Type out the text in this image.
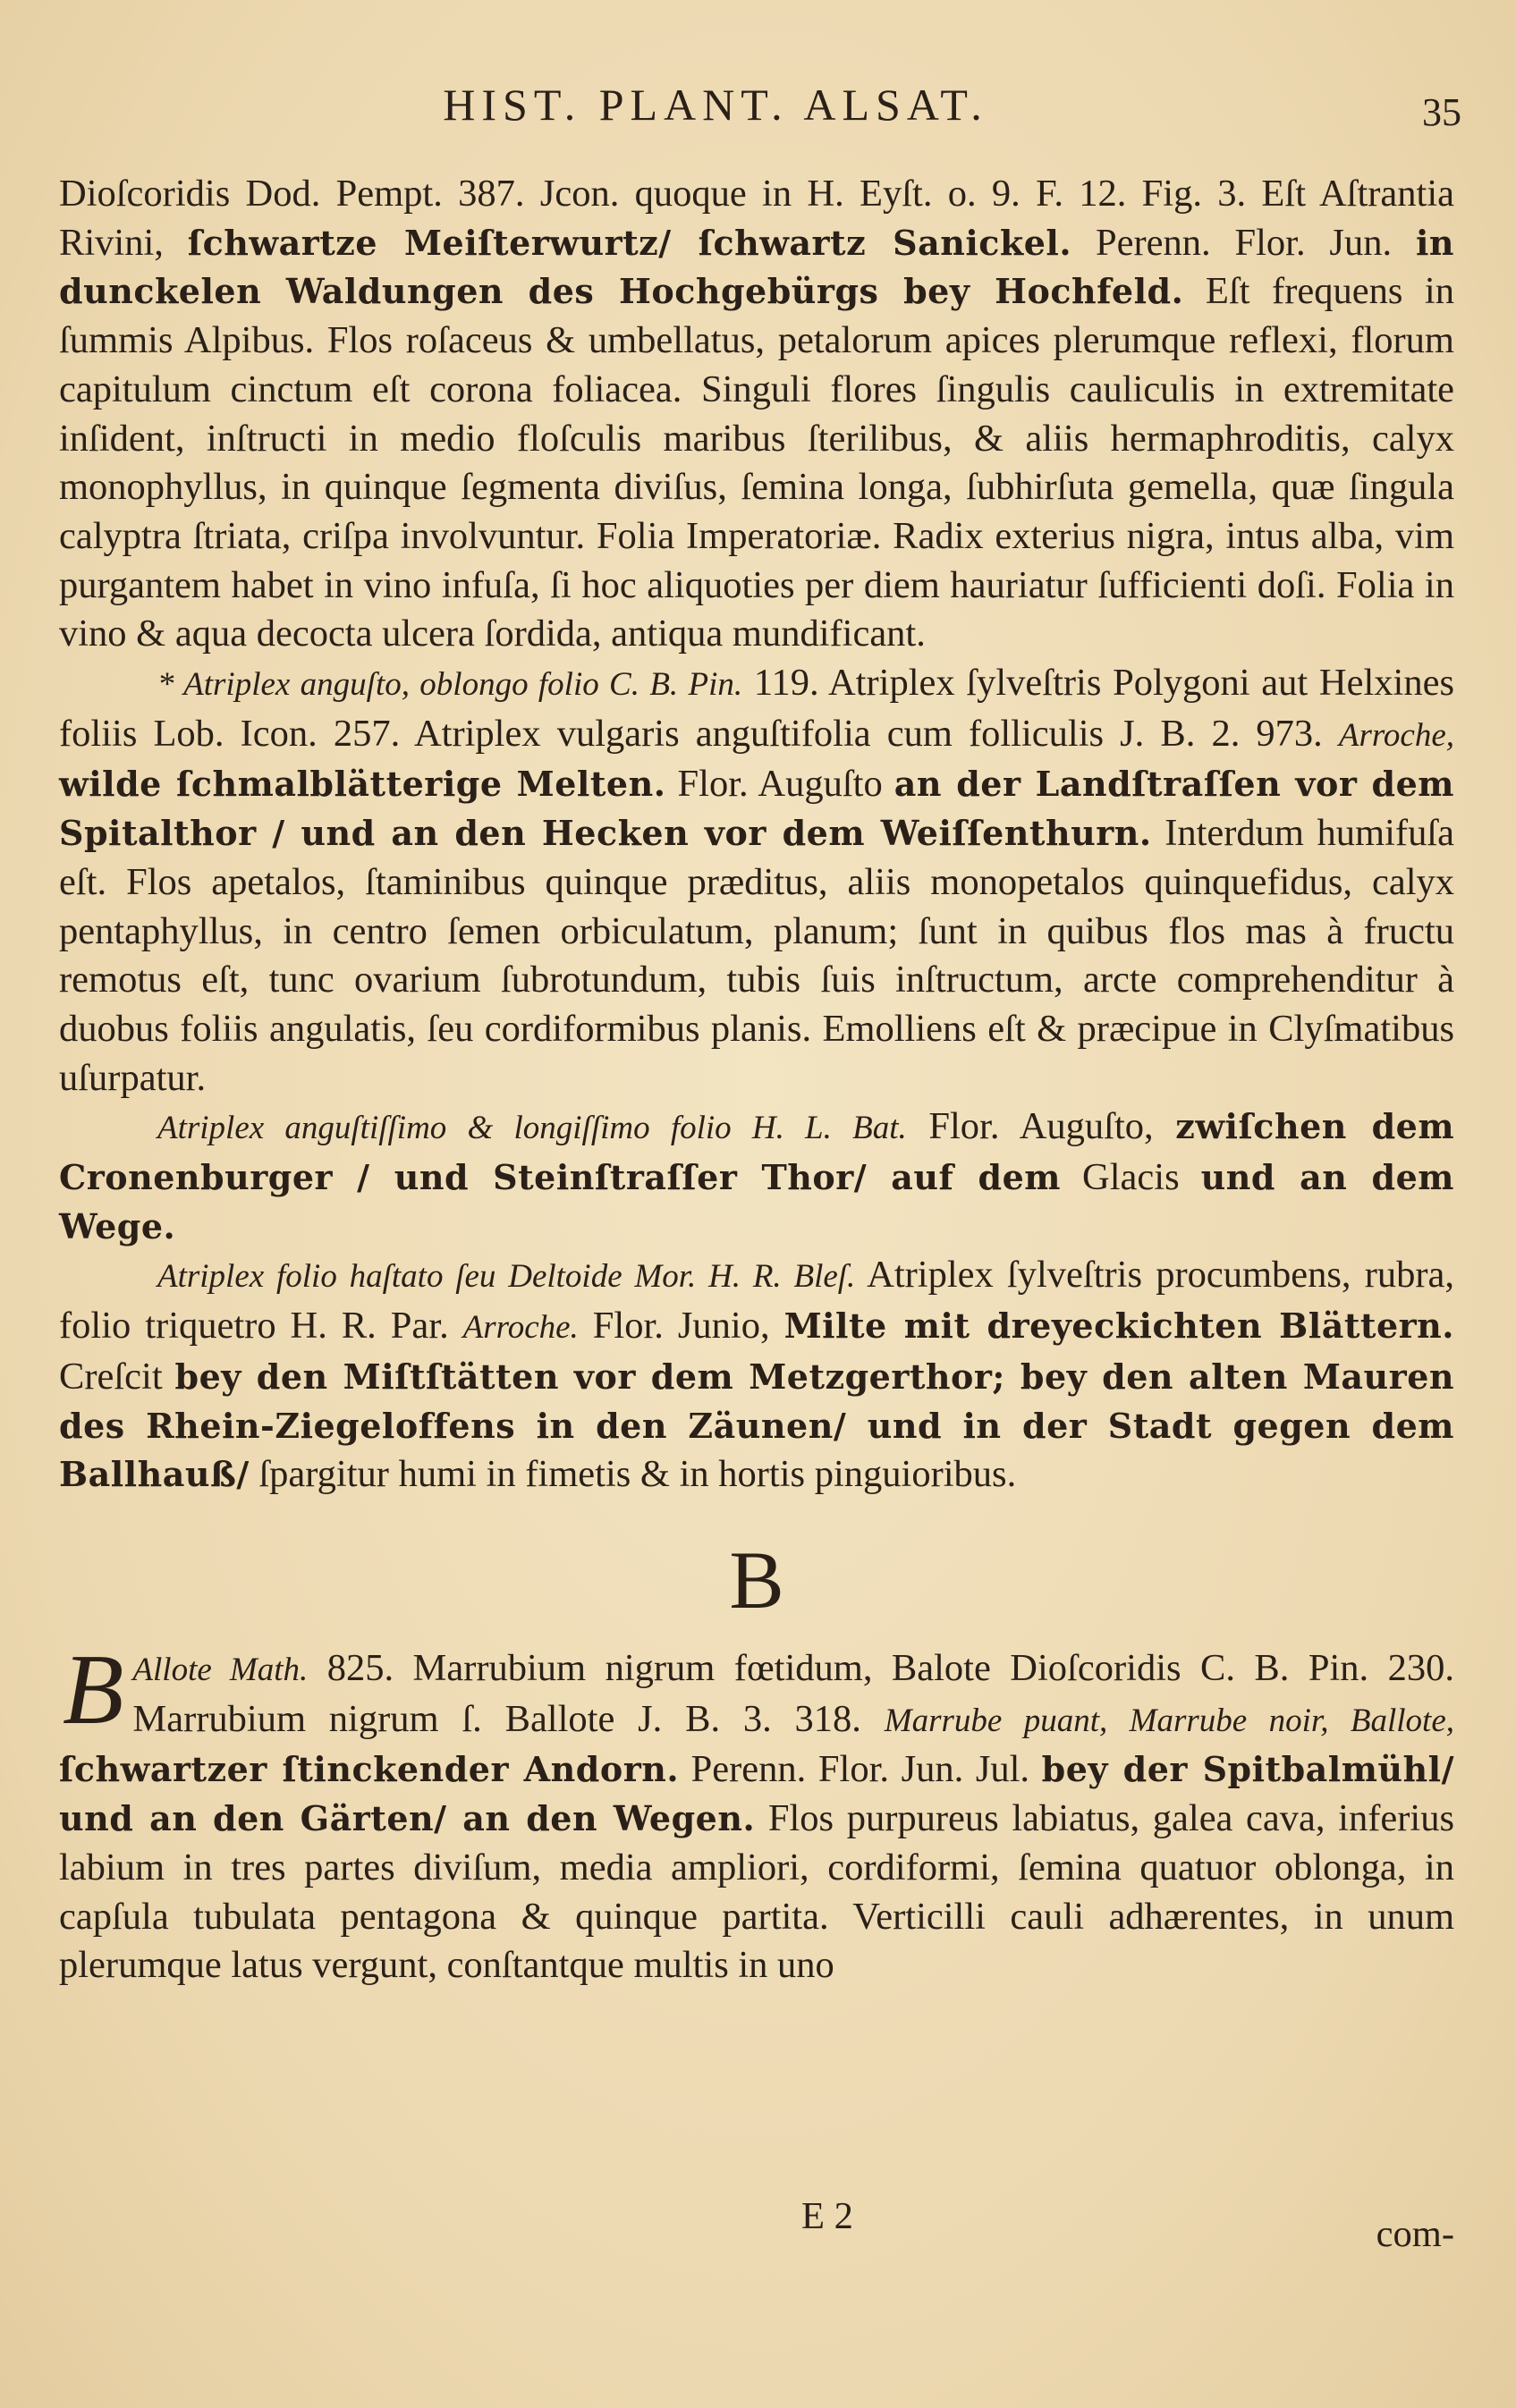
HIST. PLANT. ALSAT.	35

Dioſcoridis Dod. Pempt. 387. Jcon. quoque in H. Eyſt. o. 9. F. 12. Fig. 3. Eſt Aſtrantia Rivini, ſchwartze Meiſterwurtz/ ſchwartz Sanickel. Perenn. Flor. Jun. in dunckelen Waldungen des Hochgebürgs bey Hochfeld. Eſt frequens in ſummis Alpibus. Flos roſaceus & umbellatus, petalorum apices plerumque reflexi, florum capitulum cinctum eſt corona foliacea. Singuli flores ſingulis cauliculis in extremitate inſident, inſtructi in medio floſculis maribus ſterilibus, & aliis hermaphroditis, calyx monophyllus, in quinque ſegmenta diviſus, ſemina longa, ſubhirſuta gemella, quæ ſingula calyptra ſtriata, criſpa involvuntur. Folia Imperatoriæ. Radix exterius nigra, intus alba, vim purgantem habet in vino infuſa, ſi hoc aliquoties per diem hauriatur ſufficienti doſi. Folia in vino & aqua decocta ulcera ſordida, antiqua mundificant.

* Atriplex anguſto, oblongo folio C. B. Pin. 119. Atriplex ſylveſtris Polygoni aut Helxines foliis Lob. Icon. 257. Atriplex vulgaris anguſtifolia cum folliculis J. B. 2. 973. Arroche, wilde ſchmalblätterige Melten. Flor. Auguſto an der Landſtraſſen vor dem Spitalthor / und an den Hecken vor dem Weiſſenthurn. Interdum humifuſa eſt. Flos apetalos, ſtaminibus quinque præditus, aliis monopetalos quinquefidus, calyx pentaphyllus, in centro ſemen orbiculatum, planum; ſunt in quibus flos mas à fructu remotus eſt, tunc ovarium ſubrotundum, tubis ſuis inſtructum, arcte comprehenditur à duobus foliis angulatis, ſeu cordiformibus planis. Emolliens eſt & præcipue in Clyſmatibus uſurpatur.

Atriplex anguſtiſſimo & longiſſimo folio H. L. Bat. Flor. Auguſto, zwiſchen dem Cronenburger / und Steinſtraſſer Thor/ auf dem Glacis und an dem Wege.

Atriplex folio haſtato ſeu Deltoide Mor. H. R. Bleſ. Atriplex ſylveſtris procumbens, rubra, folio triquetro H. R. Par. Arroche. Flor. Junio, Milte mit dreyeckichten Blättern. Creſcit bey den Miſtſtätten vor dem Metzgerthor; bey den alten Mauren des Rhein-Ziegeloffens in den Zäunen/ und in der Stadt gegen dem Ballhauß/ ſpargitur humi in fimetis & in hortis pinguioribus.

B

B Allote Math. 825. Marrubium nigrum fœtidum, Balote Dioſcoridis C. B. Pin. 230. Marrubium nigrum ſ. Ballote J. B. 3. 318. Marrube puant, Marrube noir, Ballote, ſchwartzer ſtinckender Andorn. Perenn. Flor. Jun. Jul. bey der Spitbalmühl/ und an den Gärten/ an den Wegen. Flos purpureus labiatus, galea cava, inferius labium in tres partes diviſum, media ampliori, cordiformi, ſemina quatuor oblonga, in capſula tubulata pentagona & quinque partita. Verticilli cauli adhærentes, in unum plerumque latus vergunt, conſtantque multis in uno

E 2	com-
